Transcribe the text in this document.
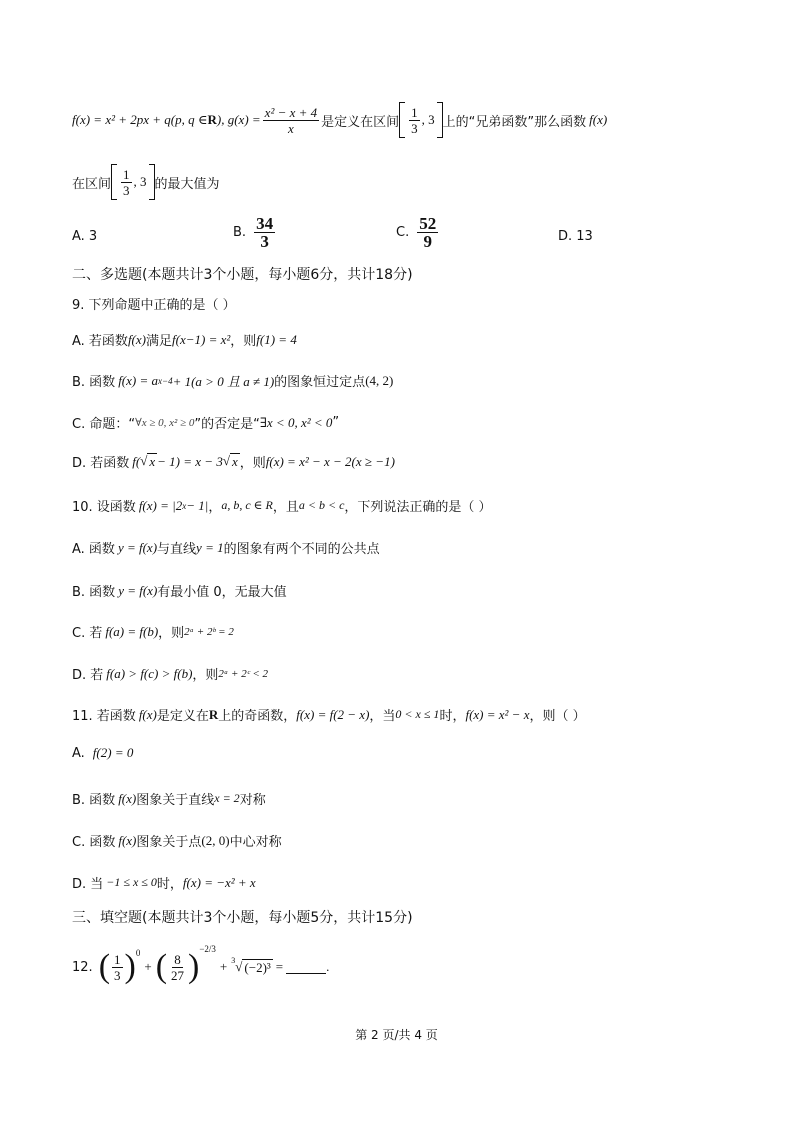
f(x) = x² + 2px + q(p, q ∈ R ), $g(x) = \frac{\text{x² − x + 4}}{x}$ 是定义在区间 $\frac{1}{3}$ , 3 上的“兄弟函数”那么函数 f(x)
在区间 $\frac{1}{3}$ , 3 的最大值为
A. 3	B. $\frac{34}{3}$	C. $\frac{52}{9}$	D. 13
二、多选题(本题共计3个小题，每小题6分，共计18分)
9. 下列命题中正确的是（ ）
A. 若函数 f(x) 满足 f(x−1) = x² ，则 f(1) = 4
B. 函数 f(x) = a x−4 + 1(a > 0 且 a ≠ 1) 的图象恒过定点 (4, 2)
C. 命题：“ ∀x ≥ 0, x² ≥ 0 ”的否定是“ ∃x < 0, x² < 0 ”
D. 若函数 f( √ x − 1) = x − 3 √ x ，则 f(x) = x² − x − 2(x ≥ −1)
10. 设函数 f(x) = |2 x − 1| ， a, b, c ∈ R ，且 a < b < c ，下列说法正确的是（ ）
A. 函数 y = f(x) 与直线 y = 1 的图象有两个不同的公共点
B. 函数 y = f(x) 有最小值 0，无最大值
C. 若 f(a) = f(b) ，则 2ᵃ + 2ᵇ = 2
D. 若 f(a) > f(c) > f(b) ，则 2ᵃ + 2ᶜ < 2
11. 若函数 f(x) 是定义在 R 上的奇函数， f(x) = f(2 − x) ，当 0 < x ≤ 1 时， f(x) = x² − x ，则（ ）
A. f(2) = 0
B. 函数 f(x) 图象关于直线 x = 2 对称
C. 函数 f(x) 图象关于点 (2, 0) 中心对称
D. 当 −1 ≤ x ≤ 0 时， f(x) = −x² + x
三、填空题(本题共计3个小题，每小题5分，共计15分)
12. ( $\frac{1}{3} )^0$
+ ( $\frac{8}{27} )^{-2/3}$
+ $^3$ √ (−2)³ =	.
第 2 页/共 4 页
